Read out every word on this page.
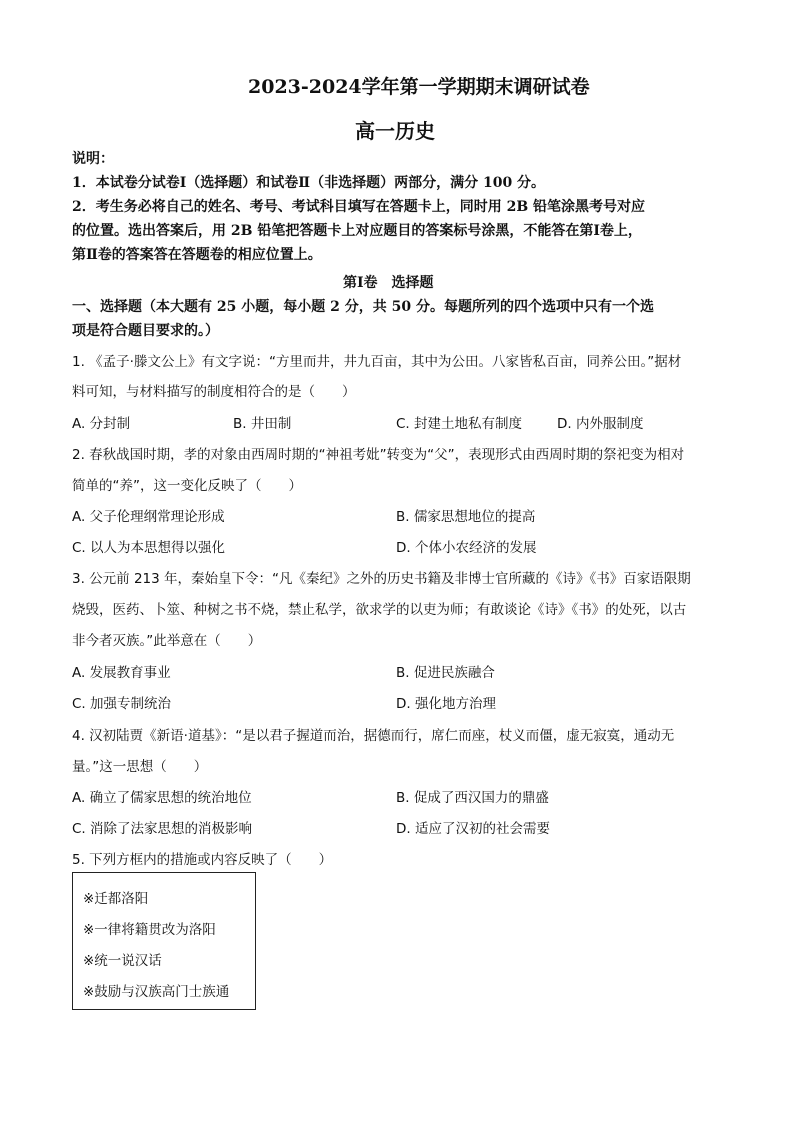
2023-2024学年第一学期期末调研试卷
高一历史
说明：
1．本试卷分试卷Ⅰ（选择题）和试卷Ⅱ（非选择题）两部分，满分 100 分。
2．考生务必将自己的姓名、考号、考试科目填写在答题卡上，同时用 2B 铅笔涂黑考号对应
的位置。选出答案后，用 2B 铅笔把答题卡上对应题目的答案标号涂黑，不能答在第Ⅰ卷上，
第Ⅱ卷的答案答在答题卷的相应位置上。
第Ⅰ卷　选择题
一、选择题（本大题有 25 小题，每小题 2 分，共 50 分。每题所列的四个选项中只有一个选
项是符合题目要求的。）
1. 《孟子·滕文公上》有文字说：“方里而井，井九百亩，其中为公田。八家皆私百亩，同养公田。”据材
料可知，与材料描写的制度相符合的是（　　）
A. 分封制	B. 井田制	C. 封建土地私有制度	D. 内外服制度
2. 春秋战国时期，孝的对象由西周时期的“神祖考妣”转变为“父”，表现形式由西周时期的祭祀变为相对
简单的“养”，这一变化反映了（　　）
A. 父子伦理纲常理论形成	B. 儒家思想地位的提高
C. 以人为本思想得以强化	D. 个体小农经济的发展
3. 公元前 213 年，秦始皇下令：“凡《秦纪》之外的历史书籍及非博士官所藏的《诗》《书》百家语限期
烧毁，医药、卜筮、种树之书不烧，禁止私学，欲求学的以吏为师；有敢谈论《诗》《书》的处死，以古
非今者灭族。”此举意在（　　）
A. 发展教育事业	B. 促进民族融合
C. 加强专制统治	D. 强化地方治理
4. 汉初陆贾《新语·道基》：“是以君子握道而治，据德而行，席仁而座，杖义而僵，虚无寂寞，通动无
量。”这一思想（　　）
A. 确立了儒家思想的统治地位	B. 促成了西汉国力的鼎盛
C. 消除了法家思想的消极影响	D. 适应了汉初的社会需要
5. 下列方框内的措施或内容反映了（　　）
※迁都洛阳
※一律将籍贯改为洛阳
※统一说汉话
※鼓励与汉族高门士族通
